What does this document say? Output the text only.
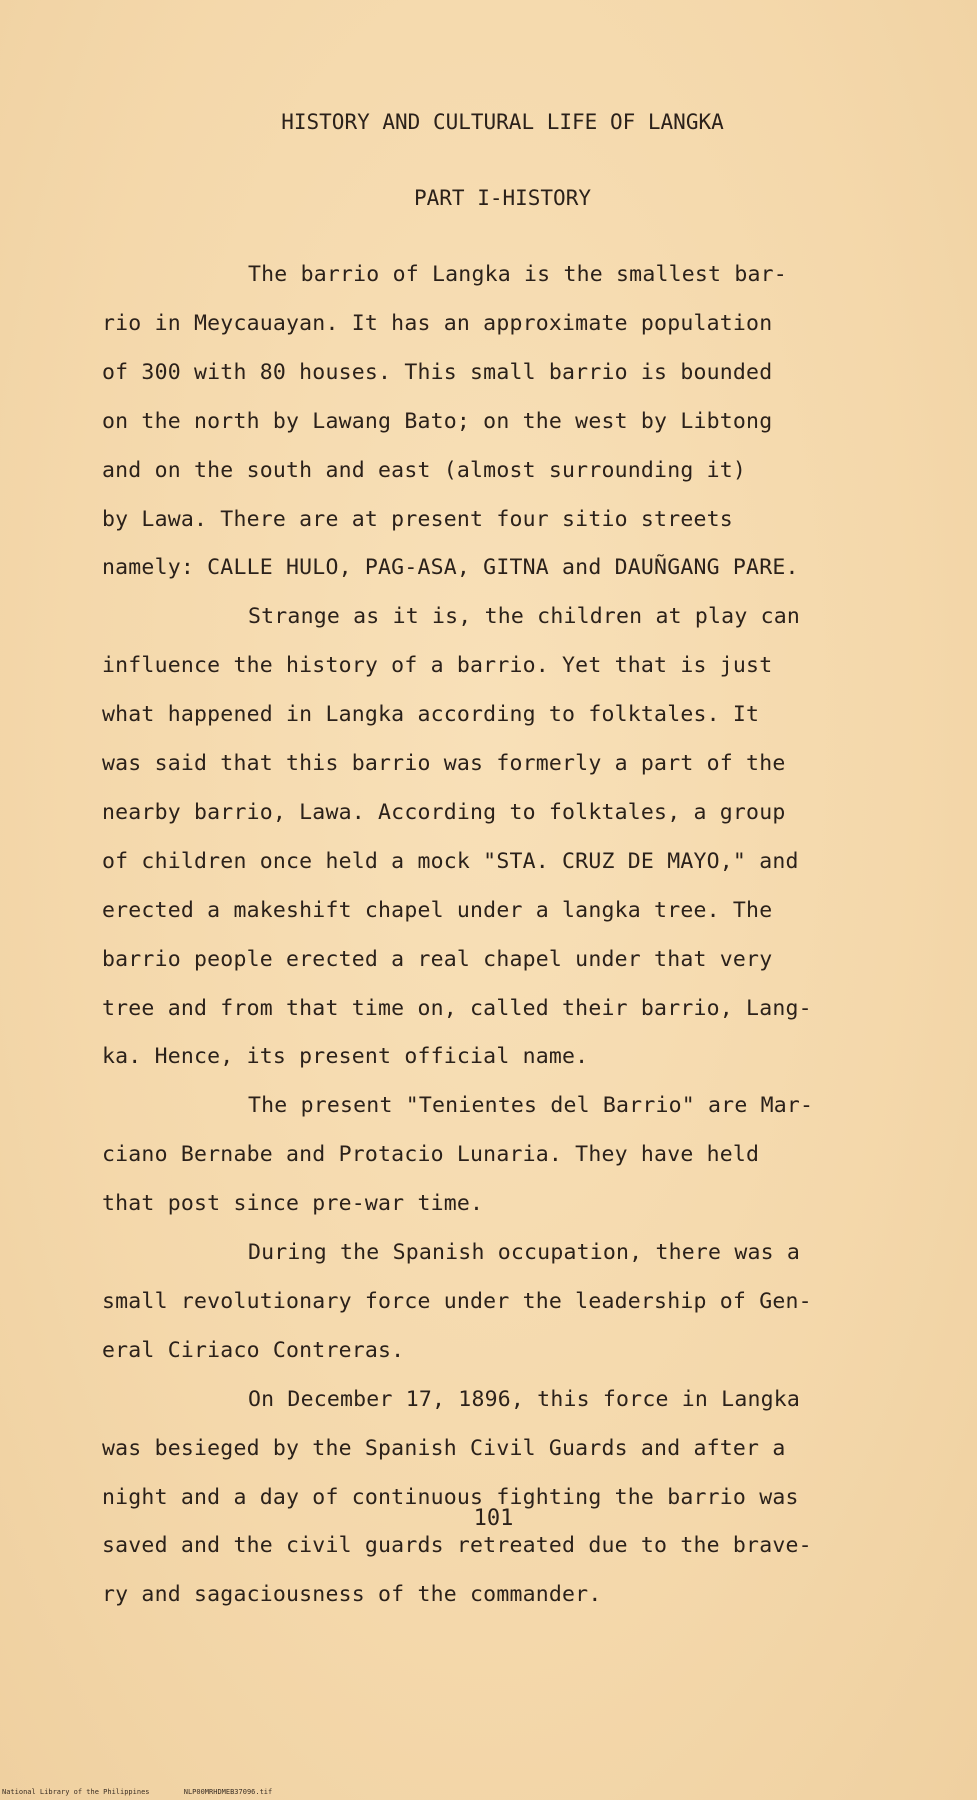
HISTORY AND CULTURAL LIFE OF LANGKA
PART I-HISTORY
The barrio of Langka is the smallest bar-
rio in Meycauayan. It has an approximate population
of 300 with 80 houses. This small barrio is bounded
on the north by Lawang Bato; on the west by Libtong
and on the south and east (almost surrounding it)
by Lawa. There are at present four sitio streets
namely: CALLE HULO, PAG-ASA, GITNA and DAUÑGANG PARE.
Strange as it is, the children at play can
influence the history of a barrio. Yet that is just
what happened in Langka according to folktales. It
was said that this barrio was formerly a part of the
nearby barrio, Lawa. According to folktales, a group
of children once held a mock "STA. CRUZ DE MAYO," and
erected a makeshift chapel under a langka tree. The
barrio people erected a real chapel under that very
tree and from that time on, called their barrio, Lang-
ka. Hence, its present official name.
The present "Tenientes del Barrio" are Mar-
ciano Bernabe and Protacio Lunaria. They have held
that post since pre-war time.
During the Spanish occupation, there was a
small revolutionary force under the leadership of Gen-
eral Ciriaco Contreras.
On December 17, 1896, this force in Langka
was besieged by the Spanish Civil Guards and after a
night and a day of continuous fighting the barrio was
saved and the civil guards retreated due to the brave-
ry and sagaciousness of the commander.
101
National Library of the Philippines	NLP00MRHDMEB37096.tif
